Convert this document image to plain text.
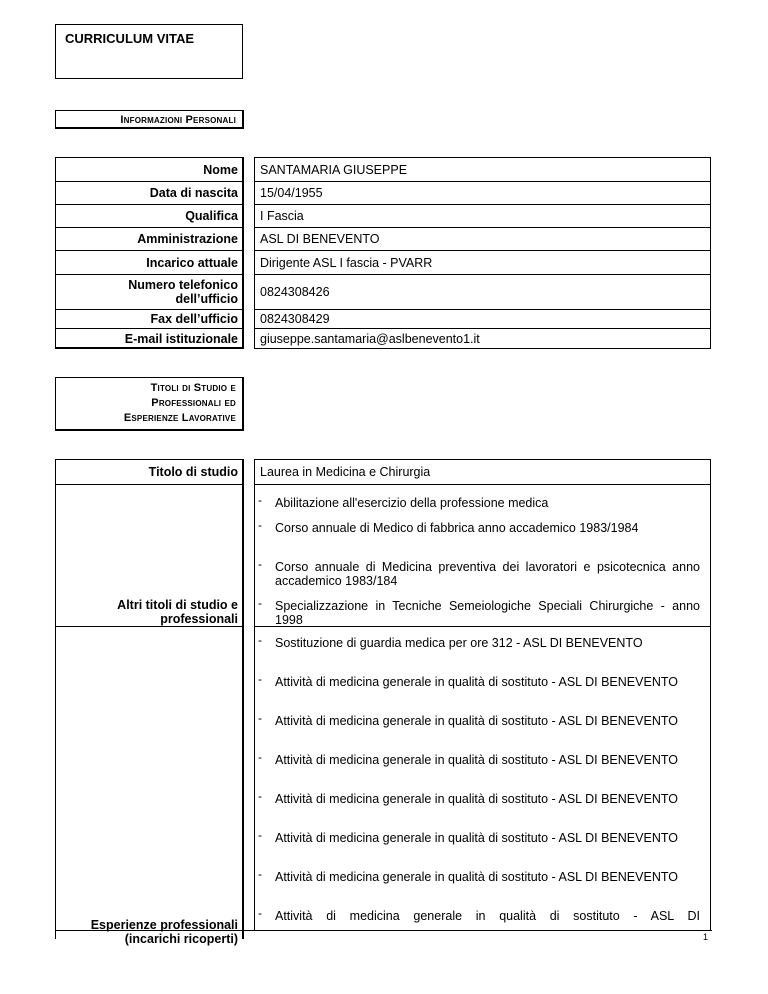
CURRICULUM VITAE
Informazioni Personali
Nome
Data di nascita
Qualifica
Amministrazione
Incarico attuale
Numero telefonico dell’ufficio
Fax dell’ufficio
E-mail istituzionale
SANTAMARIA GIUSEPPE
15/04/1955
I Fascia
ASL DI BENEVENTO
Dirigente ASL I fascia - PVARR
0824308426
0824308429
giuseppe.santamaria@aslbenevento1.it
Titoli di Studio e
Professionali ed
Esperienze Lavorative
Titolo di studio
Altri titoli di studio e
professionali
Esperienze professionali
(incarichi ricoperti)
Laurea in Medicina e Chirurgia
- Abilitazione all'esercizio della professione medica
- Corso annuale di Medico di fabbrica anno accademico 1983/1984
- Corso annuale di Medicina preventiva dei lavoratori e psicotecnica anno accademico 1983/184
- Specializzazione in Tecniche Semeiologiche Speciali Chirurgiche - anno 1998
- Sostituzione di guardia medica per ore 312 - ASL DI BENEVENTO
- Attività di medicina generale in qualità di sostituto - ASL DI BENEVENTO
- Attività di medicina generale in qualità di sostituto - ASL DI BENEVENTO
- Attività di medicina generale in qualità di sostituto - ASL DI BENEVENTO
- Attività di medicina generale in qualità di sostituto - ASL DI BENEVENTO
- Attività di medicina generale in qualità di sostituto - ASL DI BENEVENTO
- Attività di medicina generale in qualità di sostituto - ASL DI BENEVENTO
- Attività di medicina generale in qualità di sostituto - ASL DI
1
